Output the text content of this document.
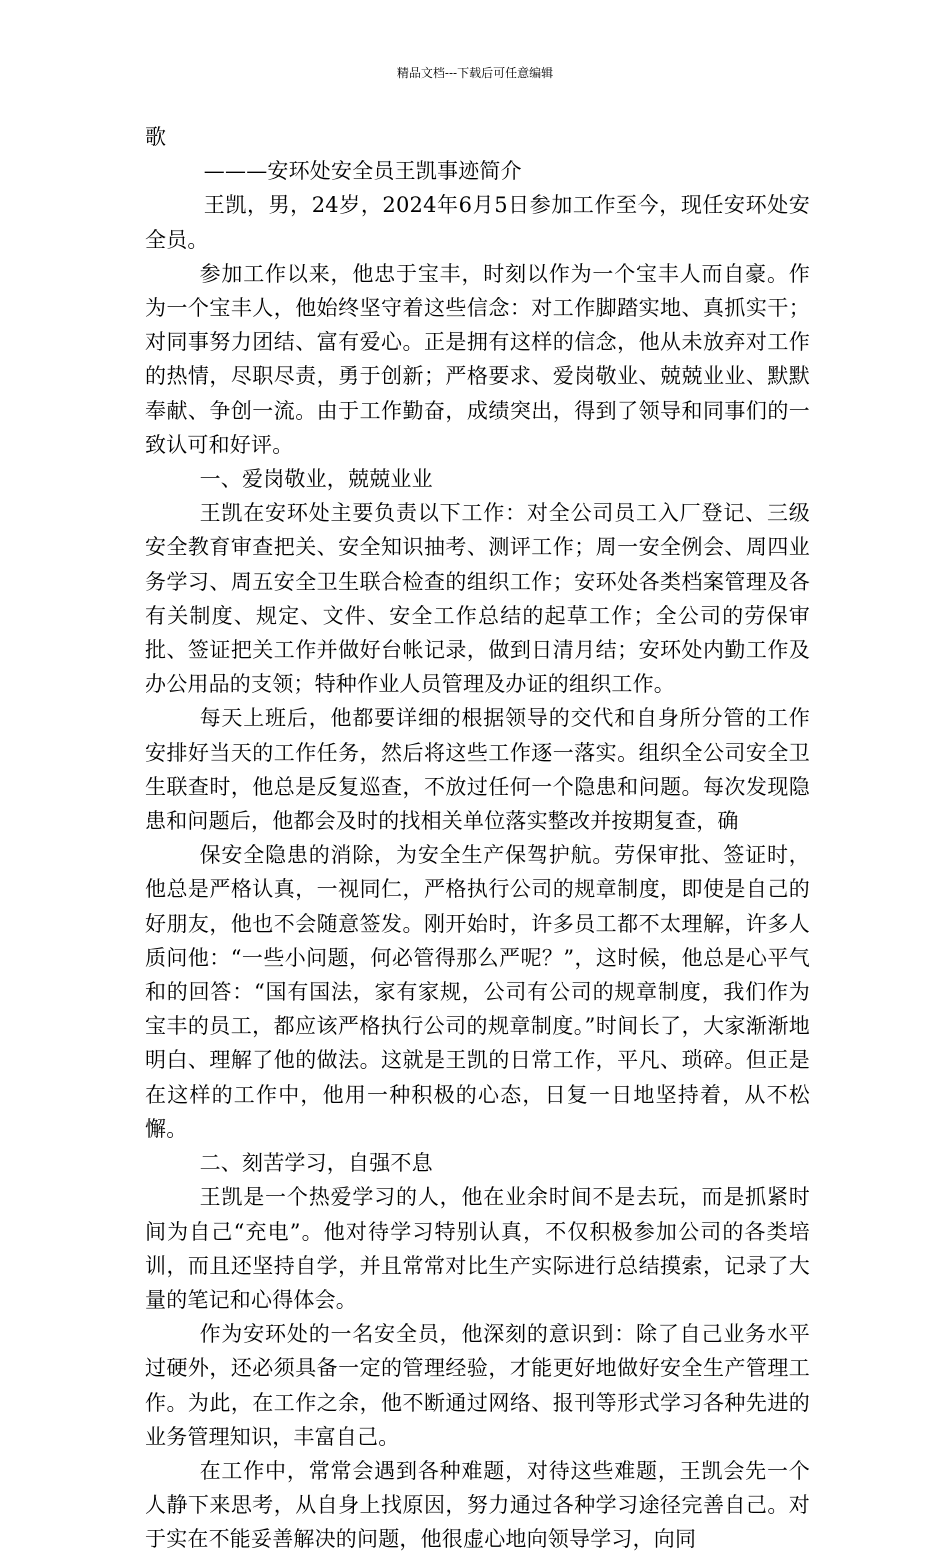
精品文档---下载后可任意编辑

歌

———安环处安全员王凯事迹简介

王凯，男，24岁，2024年6月5日参加工作至今，现任安环处安全员。

参加工作以来，他忠于宝丰，时刻以作为一个宝丰人而自豪。作为一个宝丰人，他始终坚守着这些信念：对工作脚踏实地、真抓实干；对同事努力团结、富有爱心。正是拥有这样的信念，他从未放弃对工作的热情，尽职尽责，勇于创新；严格要求、爱岗敬业、兢兢业业、默默奉献、争创一流。由于工作勤奋，成绩突出，得到了领导和同事们的一致认可和好评。

一、爱岗敬业，兢兢业业

王凯在安环处主要负责以下工作：对全公司员工入厂登记、三级安全教育审查把关、安全知识抽考、测评工作；周一安全例会、周四业务学习、周五安全卫生联合检查的组织工作；安环处各类档案管理及各有关制度、规定、文件、安全工作总结的起草工作；全公司的劳保审批、签证把关工作并做好台帐记录，做到日清月结；安环处内勤工作及办公用品的支领；特种作业人员管理及办证的组织工作。

每天上班后，他都要详细的根据领导的交代和自身所分管的工作安排好当天的工作任务，然后将这些工作逐一落实。组织全公司安全卫生联查时，他总是反复巡查，不放过任何一个隐患和问题。每次发现隐患和问题后，他都会及时的找相关单位落实整改并按期复查，确

保安全隐患的消除，为安全生产保驾护航。劳保审批、签证时，他总是严格认真，一视同仁，严格执行公司的规章制度，即使是自己的好朋友，他也不会随意签发。刚开始时，许多员工都不太理解，许多人质问他：“一些小问题，何必管得那么严呢？”，这时候，他总是心平气和的回答：“国有国法，家有家规，公司有公司的规章制度，我们作为宝丰的员工，都应该严格执行公司的规章制度。”时间长了，大家渐渐地明白、理解了他的做法。这就是王凯的日常工作，平凡、琐碎。但正是在这样的工作中，他用一种积极的心态，日复一日地坚持着，从不松懈。

二、刻苦学习，自强不息

王凯是一个热爱学习的人，他在业余时间不是去玩，而是抓紧时间为自己“充电”。他对待学习特别认真，不仅积极参加公司的各类培训，而且还坚持自学，并且常常对比生产实际进行总结摸索，记录了大量的笔记和心得体会。

作为安环处的一名安全员，他深刻的意识到：除了自己业务水平过硬外，还必须具备一定的管理经验，才能更好地做好安全生产管理工作。为此，在工作之余，他不断通过网络、报刊等形式学习各种先进的业务管理知识，丰富自己。

在工作中，常常会遇到各种难题，对待这些难题，王凯会先一个人静下来思考，从自身上找原因，努力通过各种学习途径完善自己。对于实在不能妥善解决的问题，他很虚心地向领导学习，向同
